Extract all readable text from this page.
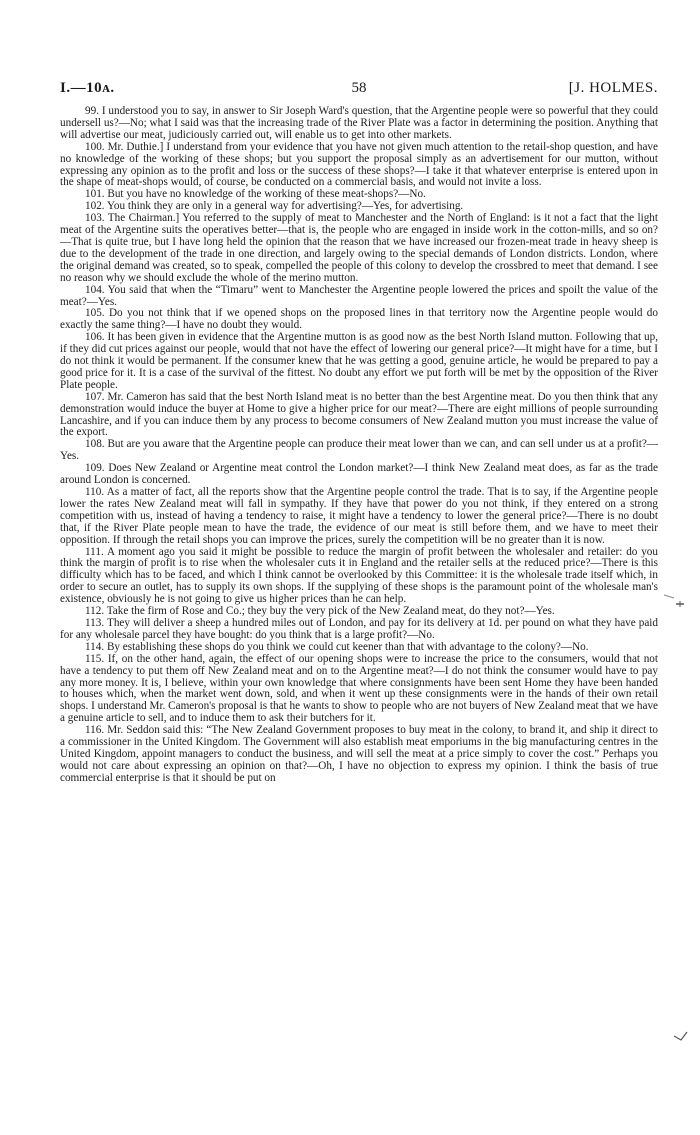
I.—10ᴀ.	58	[J. HOLMES.

99. I understood you to say, in answer to Sir Joseph Ward's question, that the Argentine people were so powerful that they could undersell us?—No; what I said was that the increasing trade of the River Plate was a factor in determining the position. Anything that will advertise our meat, judiciously carried out, will enable us to get into other markets.

100. Mr. Duthie.] I understand from your evidence that you have not given much attention to the retail-shop question, and have no knowledge of the working of these shops; but you support the proposal simply as an advertisement for our mutton, without expressing any opinion as to the profit and loss or the success of these shops?—I take it that whatever enterprise is entered upon in the shape of meat-shops would, of course, be conducted on a commercial basis, and would not invite a loss.

101. But you have no knowledge of the working of these meat-shops?—No.

102. You think they are only in a general way for advertising?—Yes, for advertising.

103. The Chairman.] You referred to the supply of meat to Manchester and the North of England: is it not a fact that the light meat of the Argentine suits the operatives better—that is, the people who are engaged in inside work in the cotton-mills, and so on?—That is quite true, but I have long held the opinion that the reason that we have increased our frozen-meat trade in heavy sheep is due to the development of the trade in one direction, and largely owing to the special demands of London districts. London, where the original demand was created, so to speak, compelled the people of this colony to develop the crossbred to meet that demand. I see no reason why we should exclude the whole of the merino mutton.

104. You said that when the “Timaru” went to Manchester the Argentine people lowered the prices and spoilt the value of the meat?—Yes.

105. Do you not think that if we opened shops on the proposed lines in that territory now the Argentine people would do exactly the same thing?—I have no doubt they would.

106. It has been given in evidence that the Argentine mutton is as good now as the best North Island mutton. Following that up, if they did cut prices against our people, would that not have the effect of lowering our general price?—It might have for a time, but I do not think it would be permanent. If the consumer knew that he was getting a good, genuine article, he would be prepared to pay a good price for it. It is a case of the survival of the fittest. No doubt any effort we put forth will be met by the opposition of the River Plate people.

107. Mr. Cameron has said that the best North Island meat is no better than the best Argentine meat. Do you then think that any demonstration would induce the buyer at Home to give a higher price for our meat?—There are eight millions of people surrounding Lancashire, and if you can induce them by any process to become consumers of New Zealand mutton you must increase the value of the export.

108. But are you aware that the Argentine people can produce their meat lower than we can, and can sell under us at a profit?—Yes.

109. Does New Zealand or Argentine meat control the London market?—I think New Zealand meat does, as far as the trade around London is concerned.

110. As a matter of fact, all the reports show that the Argentine people control the trade. That is to say, if the Argentine people lower the rates New Zealand meat will fall in sympathy. If they have that power do you not think, if they entered on a strong competition with us, instead of having a tendency to raise, it might have a tendency to lower the general price?—There is no doubt that, if the River Plate people mean to have the trade, the evidence of our meat is still before them, and we have to meet their opposition. If through the retail shops you can improve the prices, surely the competition will be no greater than it is now.

111. A moment ago you said it might be possible to reduce the margin of profit between the wholesaler and retailer: do you think the margin of profit is to rise when the wholesaler cuts it in England and the retailer sells at the reduced price?—There is this difficulty which has to be faced, and which I think cannot be overlooked by this Committee: it is the wholesale trade itself which, in order to secure an outlet, has to supply its own shops. If the supplying of these shops is the paramount point of the wholesale man's existence, obviously he is not going to give us higher prices than he can help.

112. Take the firm of Rose and Co.; they buy the very pick of the New Zealand meat, do they not?—Yes.

113. They will deliver a sheep a hundred miles out of London, and pay for its delivery at 1d. per pound on what they have paid for any wholesale parcel they have bought: do you think that is a large profit?—No.

114. By establishing these shops do you think we could cut keener than that with advantage to the colony?—No.

115. If, on the other hand, again, the effect of our opening shops were to increase the price to the consumers, would that not have a tendency to put them off New Zealand meat and on to the Argentine meat?—I do not think the consumer would have to pay any more money. It is, I believe, within your own knowledge that where consignments have been sent Home they have been handed to houses which, when the market went down, sold, and when it went up these consignments were in the hands of their own retail shops. I understand Mr. Cameron's proposal is that he wants to show to people who are not buyers of New Zealand meat that we have a genuine article to sell, and to induce them to ask their butchers for it.

116. Mr. Seddon said this: “The New Zealand Government proposes to buy meat in the colony, to brand it, and ship it direct to a commissioner in the United Kingdom. The Government will also establish meat emporiums in the big manufacturing centres in the United Kingdom, appoint managers to conduct the business, and will sell the meat at a price simply to cover the cost.” Perhaps you would not care about expressing an opinion on that?—Oh, I have no objection to express my opinion. I think the basis of true commercial enterprise is that it should be put on
